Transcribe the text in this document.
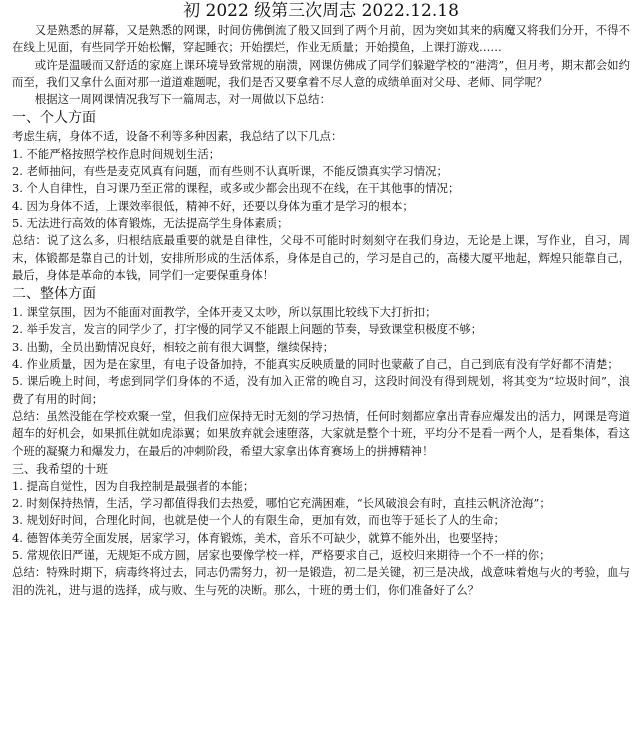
初 2022 级第三次周志 2022.12.18

又是熟悉的屏幕，又是熟悉的网课，时间仿佛倒流了般又回到了两个月前，因为突如其来的病魔又将我们分开，不得不在线上见面，有些同学开始松懈，穿起睡衣；开始摆烂，作业无质量；开始摸鱼，上课打游戏……

或许是温暖而又舒适的家庭上课环境导致常规的崩溃，网课仿佛成了同学们躲避学校的“港湾”，但月考，期末都会如约而至，我们又拿什么面对那一道道难题呢，我们是否又要拿着不尽人意的成绩单面对父母、老师、同学呢？

根据这一周网课情况我写下一篇周志，对一周做以下总结：

一、个人方面

考虑生病，身体不适，设备不利等多种因素，我总结了以下几点：

1. 不能严格按照学校作息时间规划生活；

2. 老师抽问，有些是麦克风真有问题，而有些则不认真听课，不能反馈真实学习情况；

3. 个人自律性，自习课乃至正常的课程，或多或少都会出现不在线，在干其他事的情况；

4. 因为身体不适，上课效率很低，精神不好，还要以身体为重才是学习的根本；

5. 无法进行高效的体育锻炼，无法提高学生身体素质；

总结：说了这么多，归根结底最重要的就是自律性，父母不可能时时刻刻守在我们身边，无论是上课，写作业，自习，周末，体锻都是靠自己的计划，安排所形成的生活体系，身体是自己的，学习是自己的，高楼大厦平地起，辉煌只能靠自己，最后，身体是革命的本钱，同学们一定要保重身体！

二、整体方面

1. 课堂氛围，因为不能面对面教学，全体开麦又太吵，所以氛围比较线下大打折扣；

2. 举手发言，发言的同学少了，打字慢的同学又不能跟上问题的节奏，导致课堂积极度不够；

3. 出勤，全员出勤情况良好，相较之前有很大调整，继续保持；

4. 作业质量，因为是在家里，有电子设备加持，不能真实反映质量的同时也蒙蔽了自己，自己到底有没有学好都不清楚；

5. 课后晚上时间，考虑到同学们身体的不适，没有加入正常的晚自习，这段时间没有得到规划，将其变为“垃圾时间”，浪费了有用的时间；

总结：虽然没能在学校欢聚一堂，但我们应保持无时无刻的学习热情，任何时刻都应拿出青春应爆发出的活力，网课是弯道超车的好机会，如果抓住就如虎添翼；如果放弃就会速堕落，大家就是整个十班，平均分不是看一两个人，是看集体，看这个班的凝聚力和爆发力，在最后的冲刺阶段，希望大家拿出体育赛场上的拼搏精神！

三、我希望的十班

1. 提高自觉性，因为自我控制是最强者的本能；

2. 时刻保持热情，生活，学习都值得我们去热爱，哪怕它充满困难，“长风破浪会有时，直挂云帆济沧海”；

3. 规划好时间，合理化时间，也就是使一个人的有限生命，更加有效，而也等于延长了人的生命；

4. 德智体美劳全面发展，居家学习，体育锻炼，美术，音乐不可缺少，就算不能外出，也要坚持；

5. 常规依旧严谨，无规矩不成方圆，居家也要像学校一样，严格要求自己，返校归来期待一个不一样的你；

总结：特殊时期下，病毒终将过去，同志仍需努力，初一是锻造，初二是关键，初三是决战，战意味着炮与火的考验，血与泪的洗礼，进与退的选择，成与败、生与死的决断。那么，十班的勇士们，你们准备好了么？
